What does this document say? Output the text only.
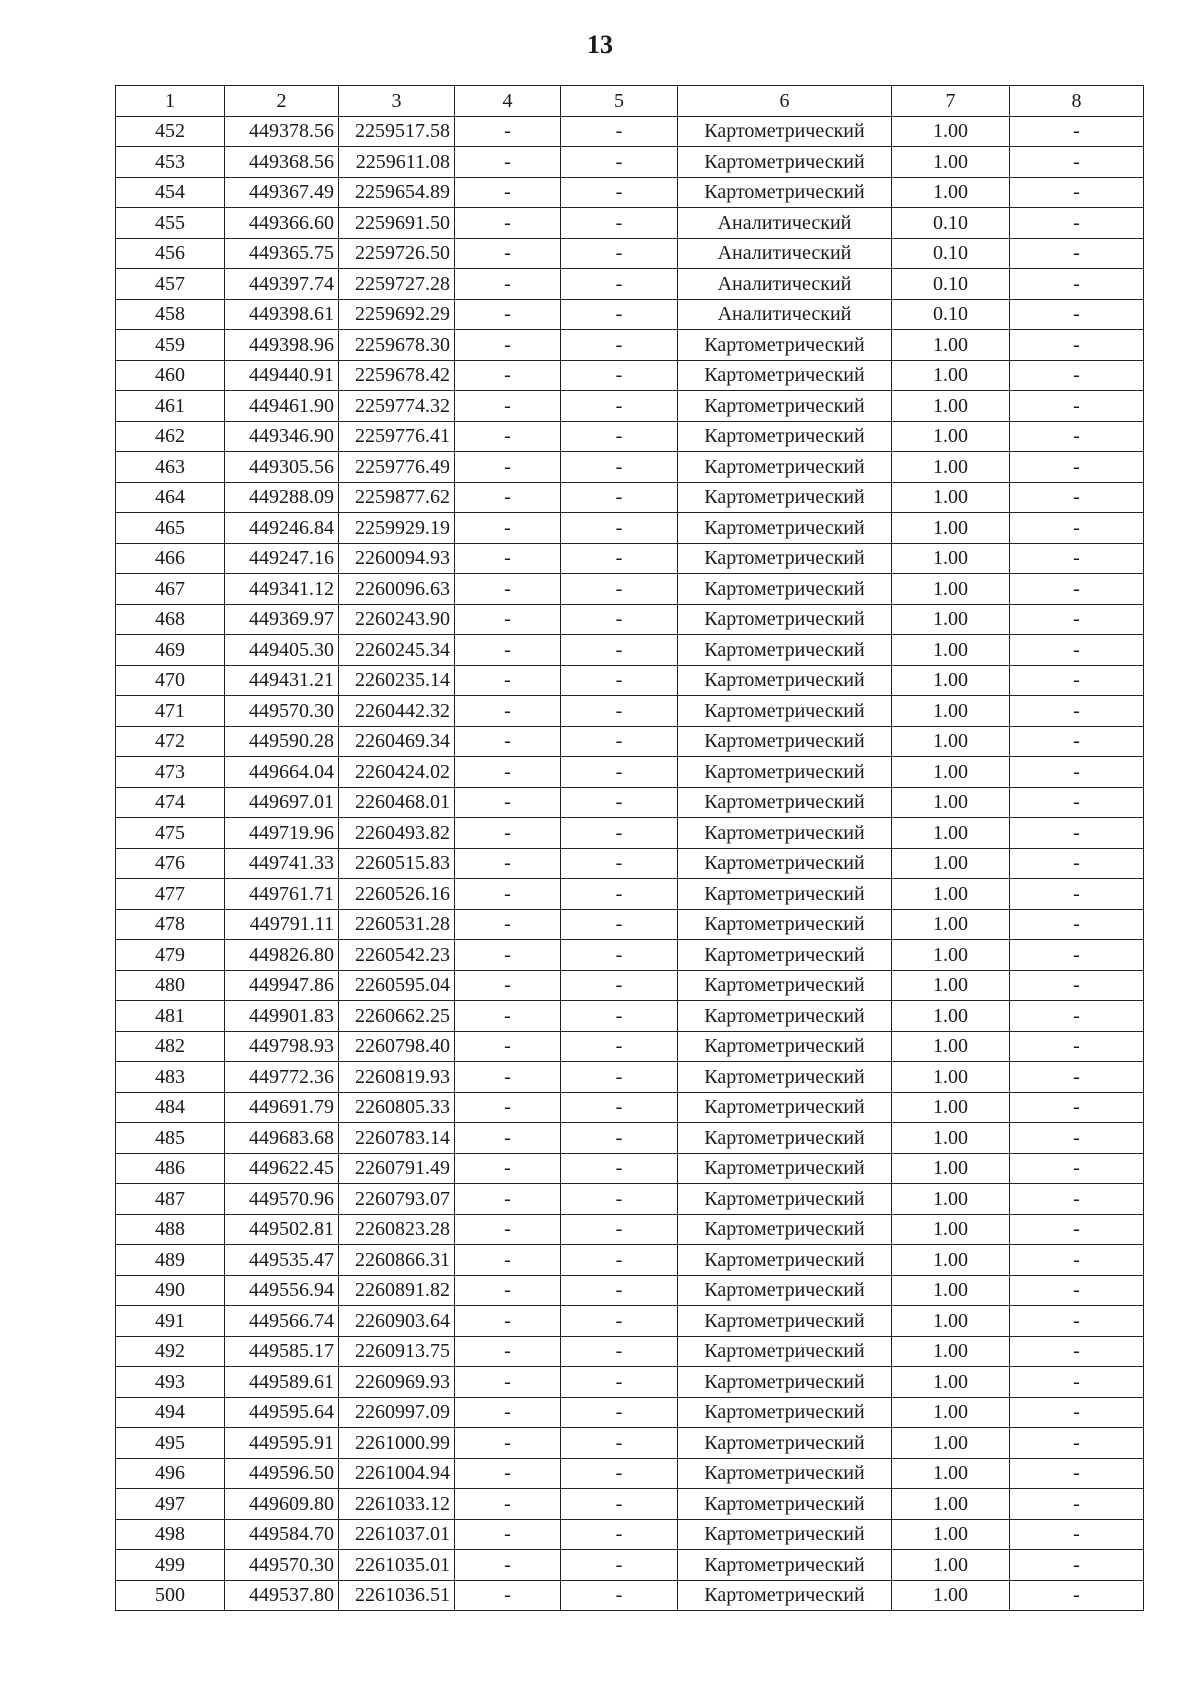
13
1	2	3	4	5	6	7	8
452	449378.56	2259517.58	-	-	Картометрический	1.00	-
453	449368.56	2259611.08	-	-	Картометрический	1.00	-
454	449367.49	2259654.89	-	-	Картометрический	1.00	-
455	449366.60	2259691.50	-	-	Аналитический	0.10	-
456	449365.75	2259726.50	-	-	Аналитический	0.10	-
457	449397.74	2259727.28	-	-	Аналитический	0.10	-
458	449398.61	2259692.29	-	-	Аналитический	0.10	-
459	449398.96	2259678.30	-	-	Картометрический	1.00	-
460	449440.91	2259678.42	-	-	Картометрический	1.00	-
461	449461.90	2259774.32	-	-	Картометрический	1.00	-
462	449346.90	2259776.41	-	-	Картометрический	1.00	-
463	449305.56	2259776.49	-	-	Картометрический	1.00	-
464	449288.09	2259877.62	-	-	Картометрический	1.00	-
465	449246.84	2259929.19	-	-	Картометрический	1.00	-
466	449247.16	2260094.93	-	-	Картометрический	1.00	-
467	449341.12	2260096.63	-	-	Картометрический	1.00	-
468	449369.97	2260243.90	-	-	Картометрический	1.00	-
469	449405.30	2260245.34	-	-	Картометрический	1.00	-
470	449431.21	2260235.14	-	-	Картометрический	1.00	-
471	449570.30	2260442.32	-	-	Картометрический	1.00	-
472	449590.28	2260469.34	-	-	Картометрический	1.00	-
473	449664.04	2260424.02	-	-	Картометрический	1.00	-
474	449697.01	2260468.01	-	-	Картометрический	1.00	-
475	449719.96	2260493.82	-	-	Картометрический	1.00	-
476	449741.33	2260515.83	-	-	Картометрический	1.00	-
477	449761.71	2260526.16	-	-	Картометрический	1.00	-
478	449791.11	2260531.28	-	-	Картометрический	1.00	-
479	449826.80	2260542.23	-	-	Картометрический	1.00	-
480	449947.86	2260595.04	-	-	Картометрический	1.00	-
481	449901.83	2260662.25	-	-	Картометрический	1.00	-
482	449798.93	2260798.40	-	-	Картометрический	1.00	-
483	449772.36	2260819.93	-	-	Картометрический	1.00	-
484	449691.79	2260805.33	-	-	Картометрический	1.00	-
485	449683.68	2260783.14	-	-	Картометрический	1.00	-
486	449622.45	2260791.49	-	-	Картометрический	1.00	-
487	449570.96	2260793.07	-	-	Картометрический	1.00	-
488	449502.81	2260823.28	-	-	Картометрический	1.00	-
489	449535.47	2260866.31	-	-	Картометрический	1.00	-
490	449556.94	2260891.82	-	-	Картометрический	1.00	-
491	449566.74	2260903.64	-	-	Картометрический	1.00	-
492	449585.17	2260913.75	-	-	Картометрический	1.00	-
493	449589.61	2260969.93	-	-	Картометрический	1.00	-
494	449595.64	2260997.09	-	-	Картометрический	1.00	-
495	449595.91	2261000.99	-	-	Картометрический	1.00	-
496	449596.50	2261004.94	-	-	Картометрический	1.00	-
497	449609.80	2261033.12	-	-	Картометрический	1.00	-
498	449584.70	2261037.01	-	-	Картометрический	1.00	-
499	449570.30	2261035.01	-	-	Картометрический	1.00	-
500	449537.80	2261036.51	-	-	Картометрический	1.00	-
